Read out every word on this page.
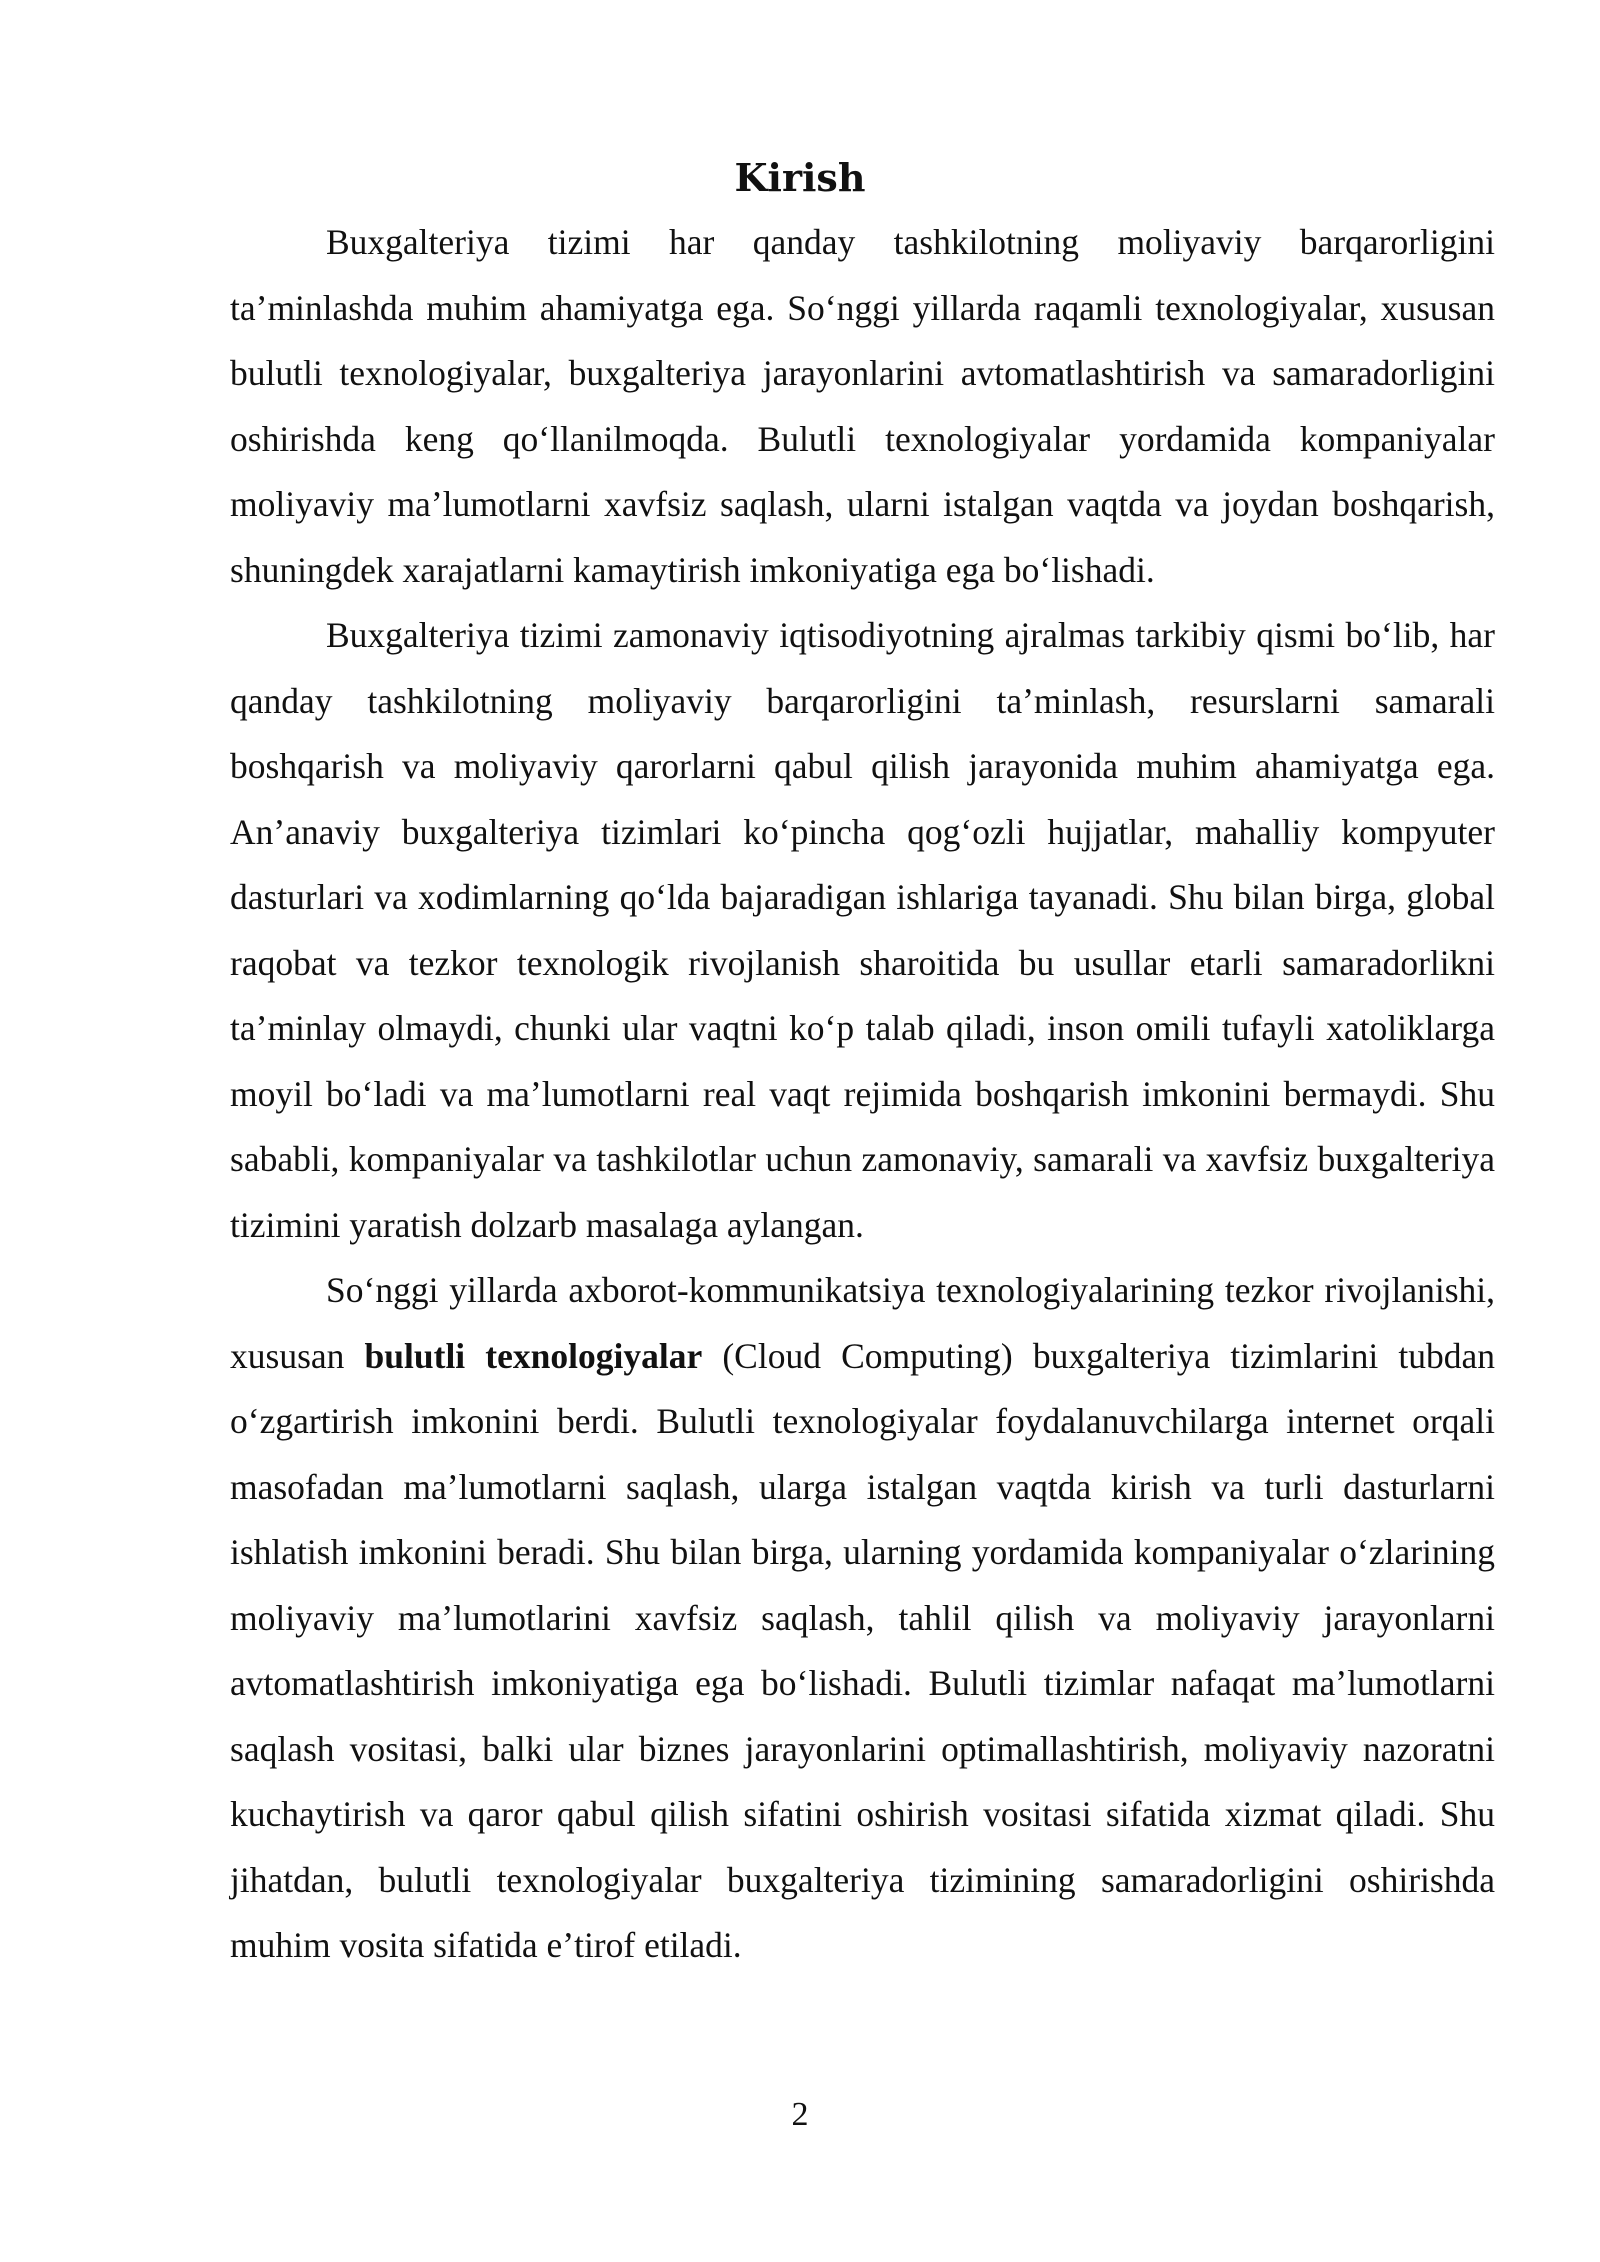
Kirish

Buxgalteriya tizimi har qanday tashkilotning moliyaviy barqarorligini taʼminlashda muhim ahamiyatga ega. Soʻnggi yillarda raqamli texnologiyalar, xususan bulutli texnologiyalar, buxgalteriya jarayonlarini avtomatlashtirish va samaradorligini oshirishda keng qoʻllanilmoqda. Bulutli texnologiyalar yordamida kompaniyalar moliyaviy maʼlumotlarni xavfsiz saqlash, ularni istalgan vaqtda va joydan boshqarish, shuningdek xarajatlarni kamaytirish imkoniyatiga ega boʻlishadi.

Buxgalteriya tizimi zamonaviy iqtisodiyotning ajralmas tarkibiy qismi boʻlib, har qanday tashkilotning moliyaviy barqarorligini taʼminlash, resurslarni samarali boshqarish va moliyaviy qarorlarni qabul qilish jarayonida muhim ahamiyatga ega. Anʼanaviy buxgalteriya tizimlari koʻpincha qogʻozli hujjatlar, mahalliy kompyuter dasturlari va xodimlarning qoʻlda bajaradigan ishlariga tayanadi. Shu bilan birga, global raqobat va tezkor texnologik rivojlanish sharoitida bu usullar etarli samaradorlikni taʼminlay olmaydi, chunki ular vaqtni koʻp talab qiladi, inson omili tufayli xatoliklarga moyil boʻladi va maʼlumotlarni real vaqt rejimida boshqarish imkonini bermaydi. Shu sababli, kompaniyalar va tashkilotlar uchun zamonaviy, samarali va xavfsiz buxgalteriya tizimini yaratish dolzarb masalaga aylangan.

Soʻnggi yillarda axborot-kommunikatsiya texnologiyalarining tezkor rivojlanishi, xususan bulutli texnologiyalar (Cloud Computing) buxgalteriya tizimlarini tubdan oʻzgartirish imkonini berdi. Bulutli texnologiyalar foydalanuvchilarga internet orqali masofadan maʼlumotlarni saqlash, ularga istalgan vaqtda kirish va turli dasturlarni ishlatish imkonini beradi. Shu bilan birga, ularning yordamida kompaniyalar oʻzlarining moliyaviy maʼlumotlarini xavfsiz saqlash, tahlil qilish va moliyaviy jarayonlarni avtomatlashtirish imkoniyatiga ega boʻlishadi. Bulutli tizimlar nafaqat maʼlumotlarni saqlash vositasi, balki ular biznes jarayonlarini optimallashtirish, moliyaviy nazoratni kuchaytirish va qaror qabul qilish sifatini oshirish vositasi sifatida xizmat qiladi. Shu jihatdan, bulutli texnologiyalar buxgalteriya tizimining samaradorligini oshirishda muhim vosita sifatida eʼtirof etiladi.

2
